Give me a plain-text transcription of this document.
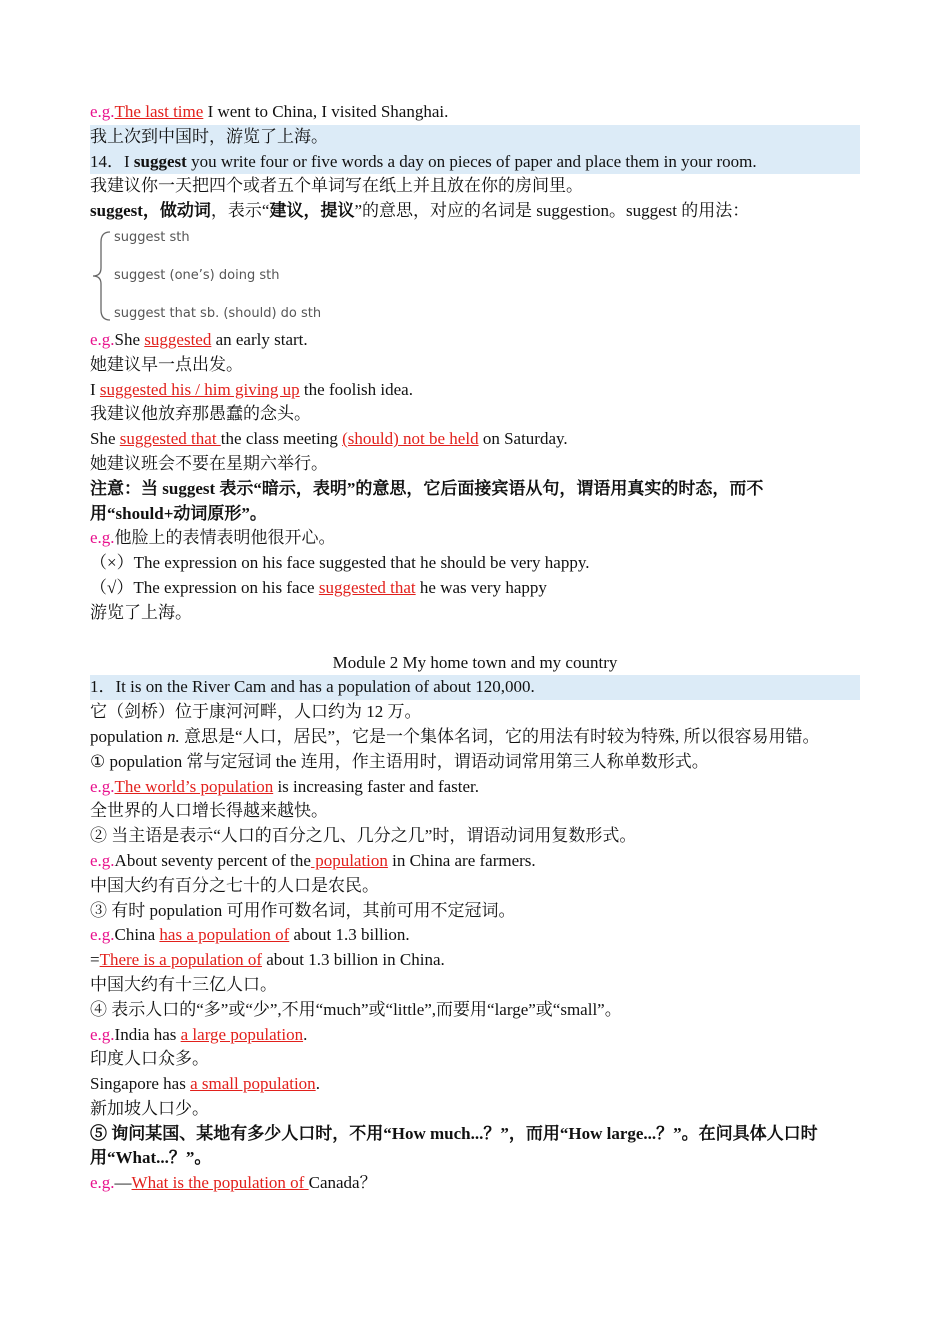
e.g.The last time I went to China, I visited Shanghai.
我上次到中国时，游览了上海。
14．I suggest you write four or five words a day on pieces of paper and place them in your room.
我建议你一天把四个或者五个单词写在纸上并且放在你的房间里。
suggest，做动词，表示“建议，提议”的意思，对应的名词是 suggestion。suggest 的用法：
suggest sth
suggest (one’s) doing sth
suggest that sb. (should) do sth
e.g.She suggested an early start.
她建议早一点出发。
I suggested his / him giving up the foolish idea.
我建议他放弃那愚蠢的念头。
She suggested that the class meeting (should) not be held on Saturday.
她建议班会不要在星期六举行。
注意：当 suggest 表示“暗示，表明”的意思，它后面接宾语从句，谓语用真实的时态，而不用“should+动词原形”。
e.g.他脸上的表情表明他很开心。
（×）The expression on his face suggested that he should be very happy.
（√）The expression on his face suggested that he was very happy
游览了上海。
Module 2 My home town and my country
1．It is on the River Cam and has a population of about 120,000.
它（剑桥）位于康河河畔，人口约为 12 万。
population n. 意思是“人口，居民”，它是一个集体名词，它的用法有时较为特殊, 所以很容易用错。
① population 常与定冠词 the 连用，作主语用时，谓语动词常用第三人称单数形式。
e.g.The world’s population is increasing faster and faster.
全世界的人口增长得越来越快。
② 当主语是表示“人口的百分之几、几分之几”时，谓语动词用复数形式。
e.g.About seventy percent of the population in China are farmers.
中国大约有百分之七十的人口是农民。
③ 有时 population 可用作可数名词，其前可用不定冠词。
e.g.China has a population of about 1.3 billion.
=There is a population of about 1.3 billion in China.
中国大约有十三亿人口。
④ 表示人口的“多”或“少”,不用“much”或“little”,而要用“large”或“small”。
e.g.India has a large population.
印度人口众多。
Singapore has a small population.
新加坡人口少。
⑤ 询问某国、某地有多少人口时，不用“How much...？”，而用“How large...？”。在问具体人口时用“What...？”。
e.g.—What is the population of Canada？
